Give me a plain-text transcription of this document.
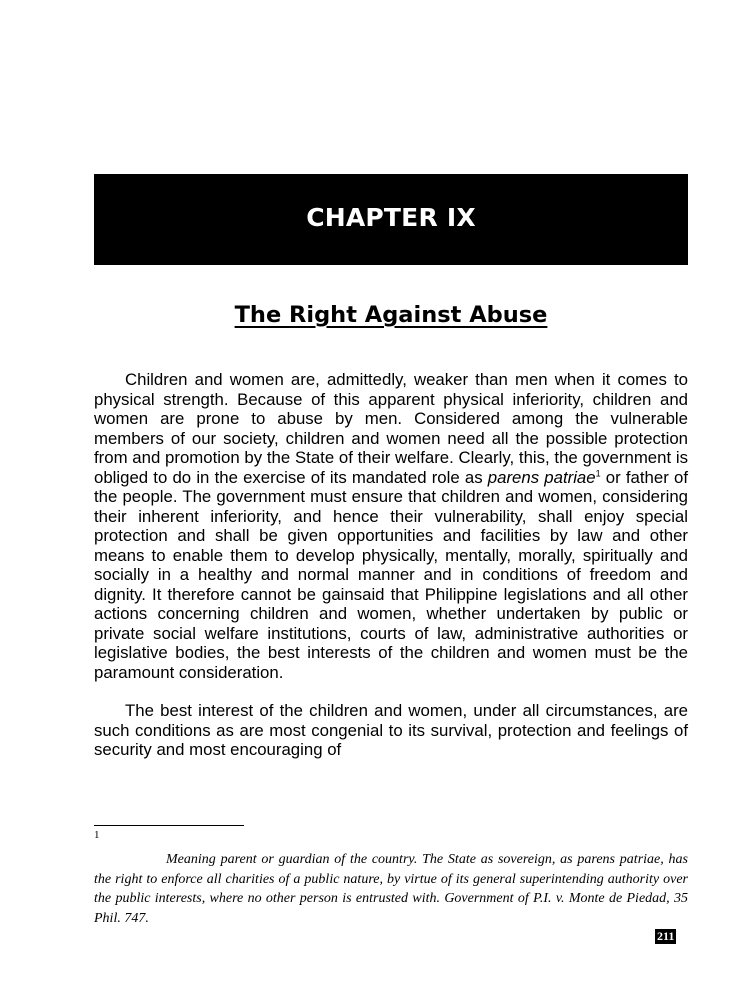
CHAPTER IX
The Right Against Abuse

Children and women are, admittedly, weaker than men when it comes to physical strength. Because of this apparent physical inferiority, children and women are prone to abuse by men. Considered among the vulnerable members of our society, children and women need all the possible protection from and promotion by the State of their welfare. Clearly, this, the government is obliged to do in the exercise of its mandated role as parens patriae$^1$ or father of the people. The government must ensure that children and women, considering their inherent inferiority, and hence their vulnerability, shall enjoy special protection and shall be given opportunities and facilities by law and other means to enable them to develop physically, mentally, morally, spiritually and socially in a healthy and normal manner and in conditions of freedom and dignity. It therefore cannot be gainsaid that Philippine legislations and all other actions concerning children and women, whether undertaken by public or private social welfare institutions, courts of law, administrative authorities or legislative bodies, the best interests of the children and women must be the paramount consideration.

The best interest of the children and women, under all circumstances, are such conditions as are most congenial to its survival, protection and feelings of security and most encouraging of

1
Meaning parent or guardian of the country. The State as sovereign, as parens patriae, has the right to enforce all charities of a public nature, by virtue of its general superintending authority over the public interests, where no other person is entrusted with. Government of P.I. v. Monte de Piedad, 35 Phil. 747.
211
